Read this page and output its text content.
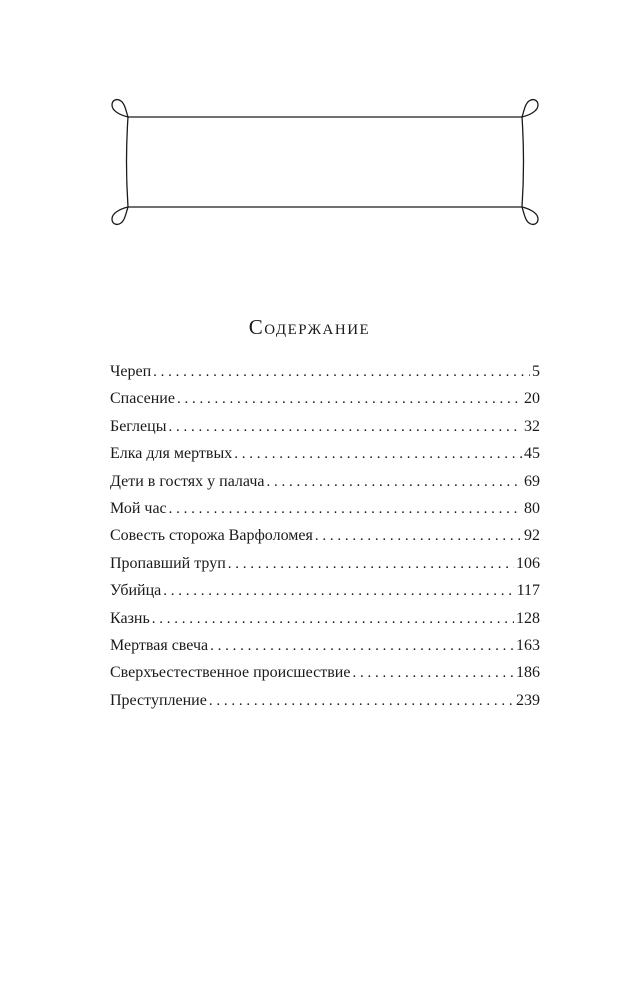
Содержание
Череп . . .	5
Спасение . . .	20
Беглецы . . .	32
Елка для мертвых . . .	45
Дети в гостях у палача . . .	69
Мой час . . .	80
Совесть сторожа Варфоломея . . .	92
Пропавший труп . . .	106
Убийца . . .	117
Казнь . . .	128
Мертвая свеча . . .	163
Сверхъестественное происшествие . . .	186
Преступление . . .	239
